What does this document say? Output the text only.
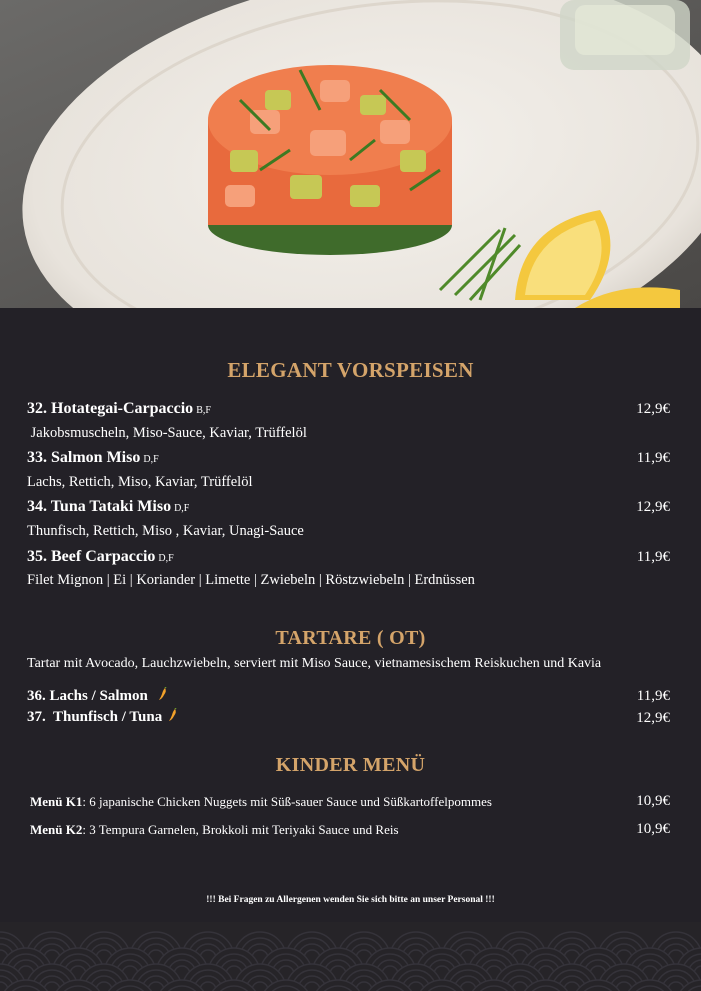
ELEGANT VORSPEISEN
32. Hotategai-Carpaccio B,F	12,9€
Jakobsmuscheln, Miso-Sauce, Kaviar, Trüffelöl
33. Salmon Miso D,F	11,9€
Lachs, Rettich, Miso, Kaviar, Trüffelöl
34. Tuna Tataki Miso D,F	12,9€
Thunfisch, Rettich, Miso , Kaviar, Unagi-Sauce
35. Beef Carpaccio D,F	11,9€
Filet Mignon | Ei | Koriander | Limette | Zwiebeln | Röstzwiebeln | Erdnüssen
TARTARE ( OT)
Tartar mit Avocado, Lauchzwiebeln, serviert mit Miso Sauce, vietnamesischem Reiskuchen und Kavia
36. Lachs / Salmon	11,9€
37.  Thunfisch / Tuna	12,9€
KINDER MENÜ
Menü K1: 6 japanische Chicken Nuggets mit Süß-sauer Sauce und Süßkartoffelpommes	10,9€
Menü K2: 3 Tempura Garnelen, Brokkoli mit Teriyaki Sauce und Reis	10,9€
!!! Bei Fragen zu Allergenen wenden Sie sich bitte an unser Personal !!!
